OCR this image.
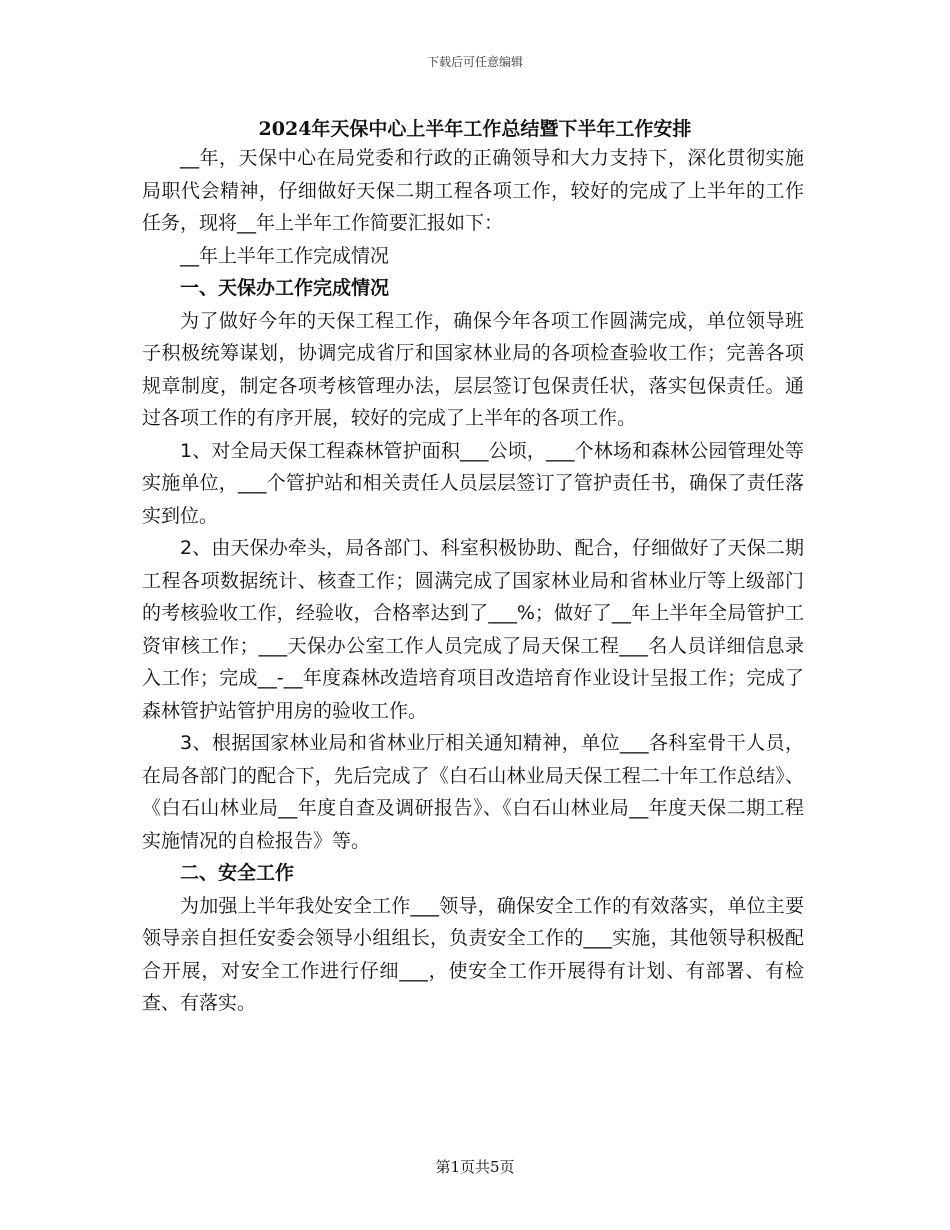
下载后可任意编辑
2024年天保中心上半年工作总结暨下半年工作安排

__年，天保中心在局党委和行政的正确领导和大力支持下，深化贯彻实施局职代会精神，仔细做好天保二期工程各项工作，较好的完成了上半年的工作任务，现将__年上半年工作简要汇报如下：

__年上半年工作完成情况

一、天保办工作完成情况

为了做好今年的天保工程工作，确保今年各项工作圆满完成，单位领导班子积极统筹谋划，协调完成省厅和国家林业局的各项检查验收工作；完善各项规章制度，制定各项考核管理办法，层层签订包保责任状，落实包保责任。通过各项工作的有序开展，较好的完成了上半年的各项工作。

1、对全局天保工程森林管护面积___公顷，___个林场和森林公园管理处等实施单位，___个管护站和相关责任人员层层签订了管护责任书，确保了责任落实到位。

2、由天保办牵头，局各部门、科室积极协助、配合，仔细做好了天保二期工程各项数据统计、核查工作；圆满完成了国家林业局和省林业厅等上级部门的考核验收工作，经验收，合格率达到了___%；做好了__年上半年全局管护工资审核工作；___天保办公室工作人员完成了局天保工程___名人员详细信息录入工作；完成__-__年度森林改造培育项目改造培育作业设计呈报工作；完成了森林管护站管护用房的验收工作。

3、根据国家林业局和省林业厅相关通知精神，单位___各科室骨干人员，在局各部门的配合下，先后完成了《白石山林业局天保工程二十年工作总结》、《白石山林业局__年度自查及调研报告》、《白石山林业局__年度天保二期工程实施情况的自检报告》等。

二、安全工作

为加强上半年我处安全工作___领导，确保安全工作的有效落实，单位主要领导亲自担任安委会领导小组组长，负责安全工作的___实施，其他领导积极配合开展，对安全工作进行仔细___，使安全工作开展得有计划、有部署、有检查、有落实。

第1页共5页
